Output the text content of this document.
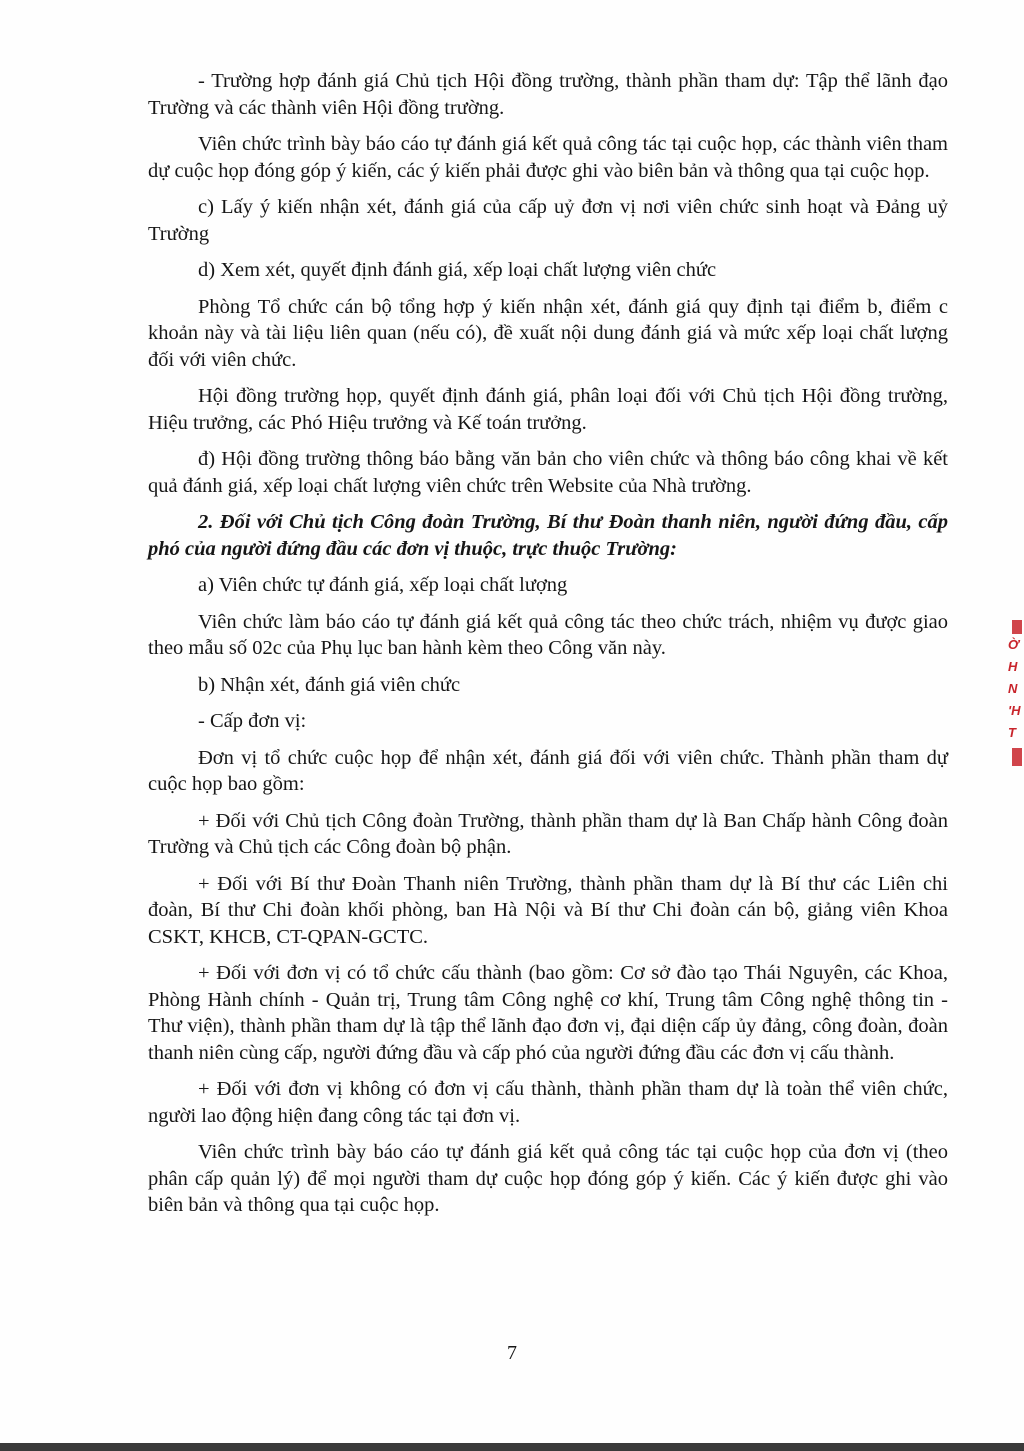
- Trường hợp đánh giá Chủ tịch Hội đồng trường, thành phần tham dự: Tập thể lãnh đạo Trường và các thành viên Hội đồng trường.

Viên chức trình bày báo cáo tự đánh giá kết quả công tác tại cuộc họp, các thành viên tham dự cuộc họp đóng góp ý kiến, các ý kiến phải được ghi vào biên bản và thông qua tại cuộc họp.

c) Lấy ý kiến nhận xét, đánh giá của cấp uỷ đơn vị nơi viên chức sinh hoạt và Đảng uỷ Trường

d) Xem xét, quyết định đánh giá, xếp loại chất lượng viên chức

Phòng Tổ chức cán bộ tổng hợp ý kiến nhận xét, đánh giá quy định tại điểm b, điểm c khoản này và tài liệu liên quan (nếu có), đề xuất nội dung đánh giá và mức xếp loại chất lượng đối với viên chức.

Hội đồng trường họp, quyết định đánh giá, phân loại đối với Chủ tịch Hội đồng trường, Hiệu trưởng, các Phó Hiệu trưởng và Kế toán trưởng.

đ) Hội đồng trường thông báo bằng văn bản cho viên chức và thông báo công khai về kết quả đánh giá, xếp loại chất lượng viên chức trên Website của Nhà trường.

2. Đối với Chủ tịch Công đoàn Trường, Bí thư Đoàn thanh niên, người đứng đầu, cấp phó của người đứng đầu các đơn vị thuộc, trực thuộc Trường:

a) Viên chức tự đánh giá, xếp loại chất lượng

Viên chức làm báo cáo tự đánh giá kết quả công tác theo chức trách, nhiệm vụ được giao theo mẫu số 02c của Phụ lục ban hành kèm theo Công văn này.

b) Nhận xét, đánh giá viên chức

- Cấp đơn vị:

Đơn vị tổ chức cuộc họp để nhận xét, đánh giá đối với viên chức. Thành phần tham dự cuộc họp bao gồm:

+ Đối với Chủ tịch Công đoàn Trường, thành phần tham dự là Ban Chấp hành Công đoàn Trường và Chủ tịch các Công đoàn bộ phận.

+ Đối với Bí thư Đoàn Thanh niên Trường, thành phần tham dự là Bí thư các Liên chi đoàn, Bí thư Chi đoàn khối phòng, ban Hà Nội và Bí thư Chi đoàn cán bộ, giảng viên Khoa CSKT, KHCB, CT-QPAN-GCTC.

+ Đối với đơn vị có tổ chức cấu thành (bao gồm: Cơ sở đào tạo Thái Nguyên, các Khoa, Phòng Hành chính - Quản trị, Trung tâm Công nghệ cơ khí, Trung tâm Công nghệ thông tin - Thư viện), thành phần tham dự là tập thể lãnh đạo đơn vị, đại diện cấp ủy đảng, công đoàn, đoàn thanh niên cùng cấp, người đứng đầu và cấp phó của người đứng đầu các đơn vị cấu thành.

+ Đối với đơn vị không có đơn vị cấu thành, thành phần tham dự là toàn thể viên chức, người lao động hiện đang công tác tại đơn vị.

Viên chức trình bày báo cáo tự đánh giá kết quả công tác tại cuộc họp của đơn vị (theo phân cấp quản lý) để mọi người tham dự cuộc họp đóng góp ý kiến. Các ý kiến được ghi vào biên bản và thông qua tại cuộc họp.

7
Ờ
H
N
'H
T
